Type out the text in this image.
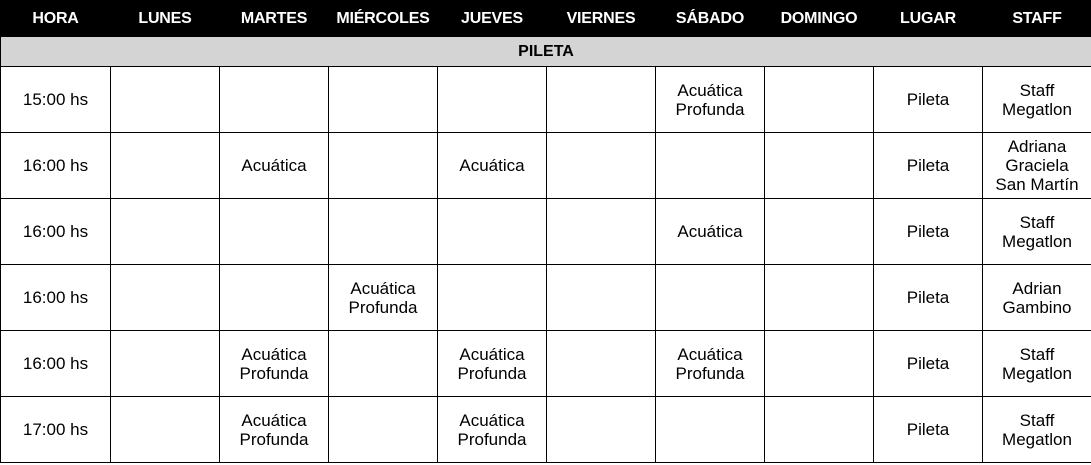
HORA	LUNES	MARTES	MIÉRCOLES	JUEVES	VIERNES	SÁBADO	DOMINGO	LUGAR	STAFF
PILETA									
15:00 hs						Acuática
Profunda		Pileta	Staff
Megatlon
16:00 hs		Acuática		Acuática				Pileta	Adriana
Graciela
San Martín
16:00 hs						Acuática		Pileta	Staff
Megatlon
16:00 hs			Acuática
Profunda					Pileta	Adrian
Gambino
16:00 hs		Acuática
Profunda		Acuática
Profunda		Acuática
Profunda		Pileta	Staff
Megatlon
17:00 hs		Acuática
Profunda		Acuática
Profunda				Pileta	Staff
Megatlon
